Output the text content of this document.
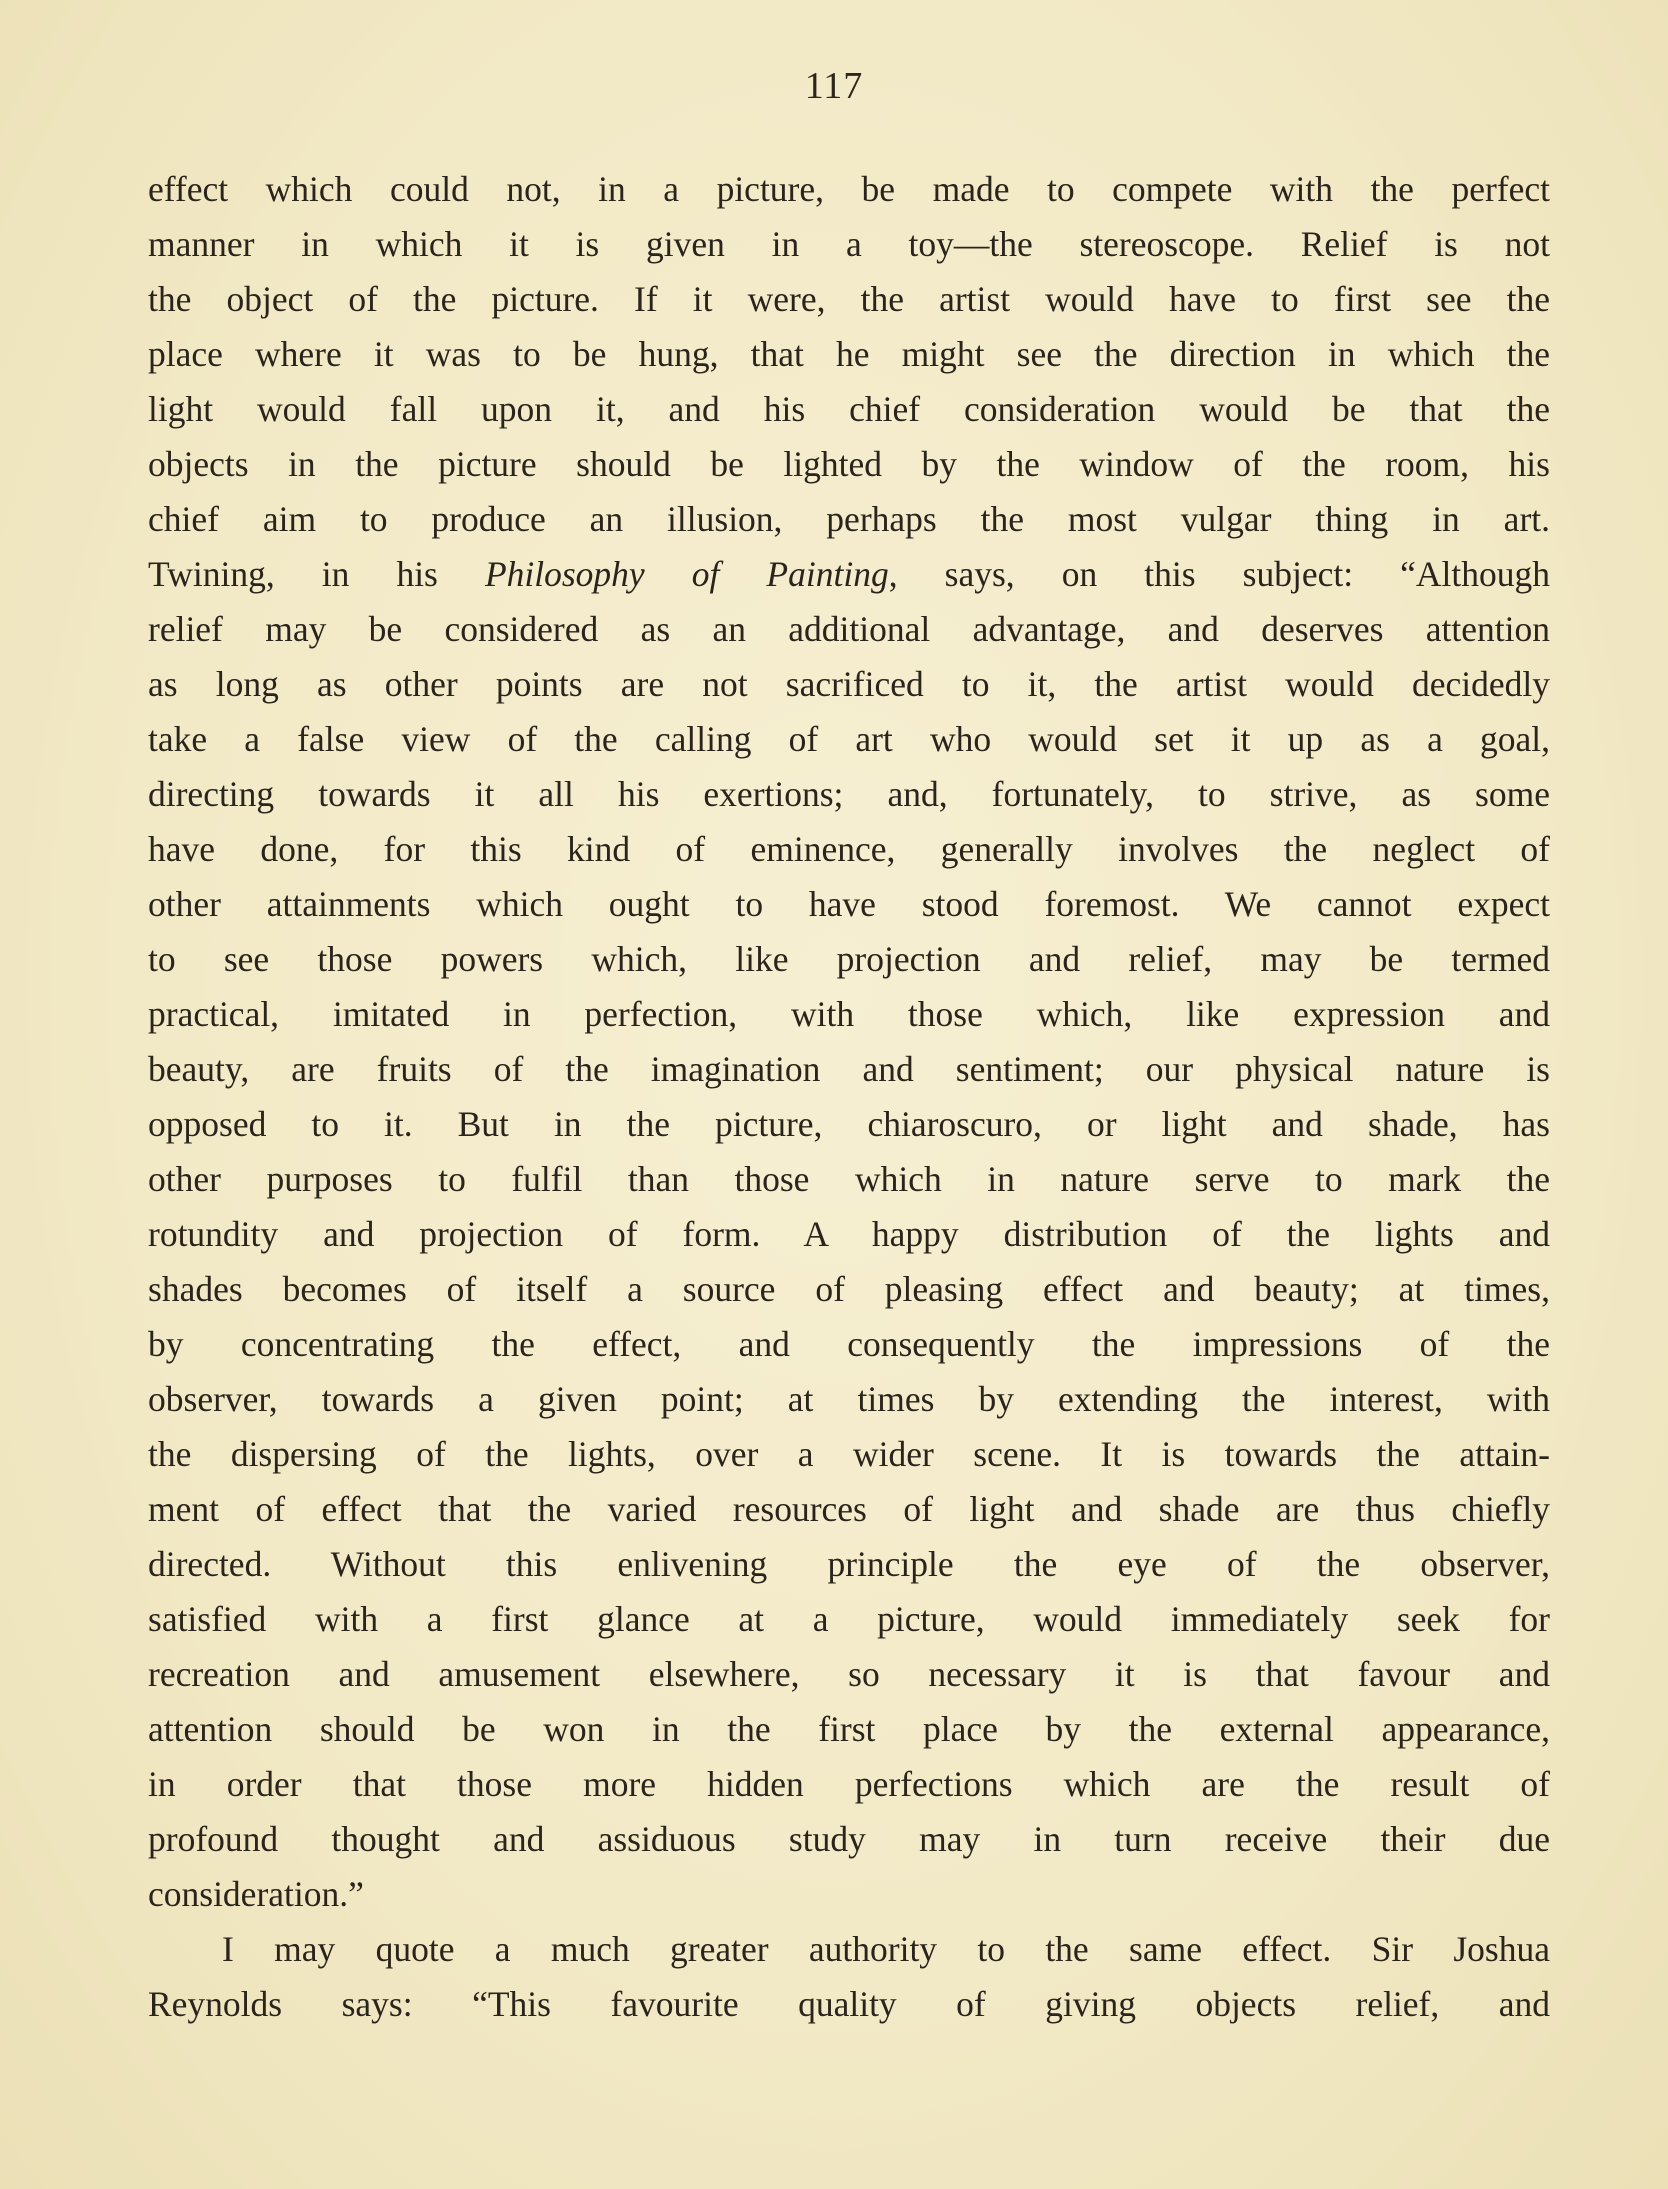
117
effect which could not, in a picture, be made to compete with the perfect
manner in which it is given in a toy—the stereoscope. Relief is not
the object of the picture. If it were, the artist would have to first see the
place where it was to be hung, that he might see the direction in which the
light would fall upon it, and his chief consideration would be that the
objects in the picture should be lighted by the window of the room, his
chief aim to produce an illusion, perhaps the most vulgar thing in art.
Twining, in his Philosophy of Painting, says, on this subject: “Although
relief may be considered as an additional advantage, and deserves attention
as long as other points are not sacrificed to it, the artist would decidedly
take a false view of the calling of art who would set it up as a goal,
directing towards it all his exertions; and, fortunately, to strive, as some
have done, for this kind of eminence, generally involves the neglect of
other attainments which ought to have stood foremost. We cannot expect
to see those powers which, like projection and relief, may be termed
practical, imitated in perfection, with those which, like expression and
beauty, are fruits of the imagination and sentiment; our physical nature is
opposed to it. But in the picture, chiaroscuro, or light and shade, has
other purposes to fulfil than those which in nature serve to mark the
rotundity and projection of form. A happy distribution of the lights and
shades becomes of itself a source of pleasing effect and beauty; at times,
by concentrating the effect, and consequently the impressions of the
observer, towards a given point; at times by extending the interest, with
the dispersing of the lights, over a wider scene. It is towards the attain-
ment of effect that the varied resources of light and shade are thus chiefly
directed. Without this enlivening principle the eye of the observer,
satisfied with a first glance at a picture, would immediately seek for
recreation and amusement elsewhere, so necessary it is that favour and
attention should be won in the first place by the external appearance,
in order that those more hidden perfections which are the result of
profound thought and assiduous study may in turn receive their due
consideration.”
I may quote a much greater authority to the same effect. Sir Joshua
Reynolds says: “This favourite quality of giving objects relief, and
